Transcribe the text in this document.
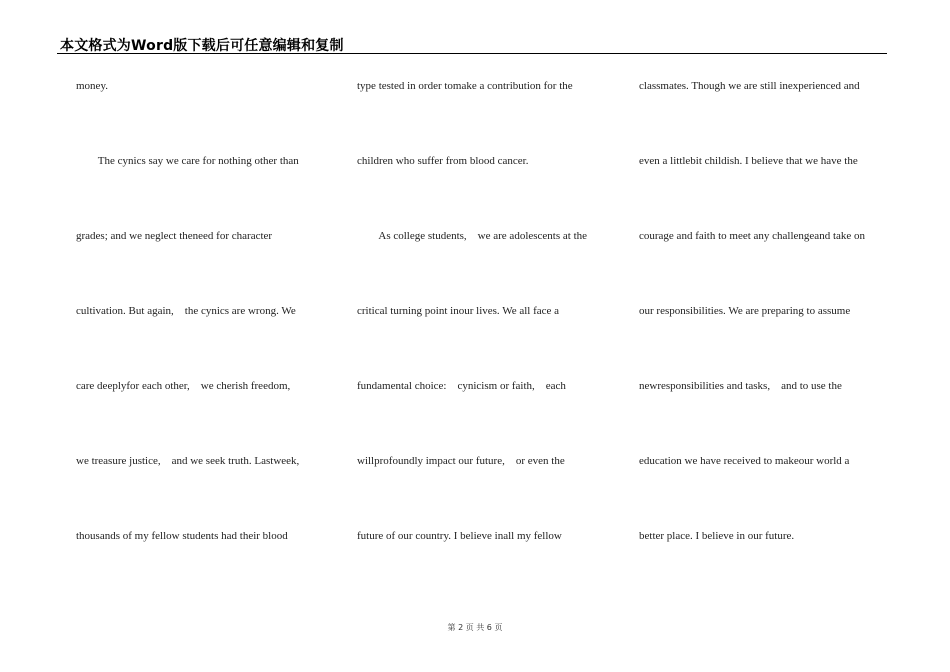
本文格式为Word版下载后可任意编辑和复制
money.
The cynics say we care for nothing other than
grades; and we neglect theneed for character
cultivation. But again,    the cynics are wrong. We
care deeplyfor each other,    we cherish freedom,
we treasure justice,    and we seek truth. Lastweek,
thousands of my fellow students had their blood
type tested in order tomake a contribution for the
children who suffer from blood cancer.
As college students,    we are adolescents at the
critical turning point inour lives. We all face a
fundamental choice:    cynicism or faith,    each
willprofoundly impact our future,    or even the
future of our country. I believe inall my fellow
classmates. Though we are still inexperienced and
even a littlebit childish. I believe that we have the
courage and faith to meet any challengeand take on
our responsibilities. We are preparing to assume
newresponsibilities and tasks,    and to use the
education we have received to makeour world a
better place. I believe in our future.
第 2 页 共 6 页
